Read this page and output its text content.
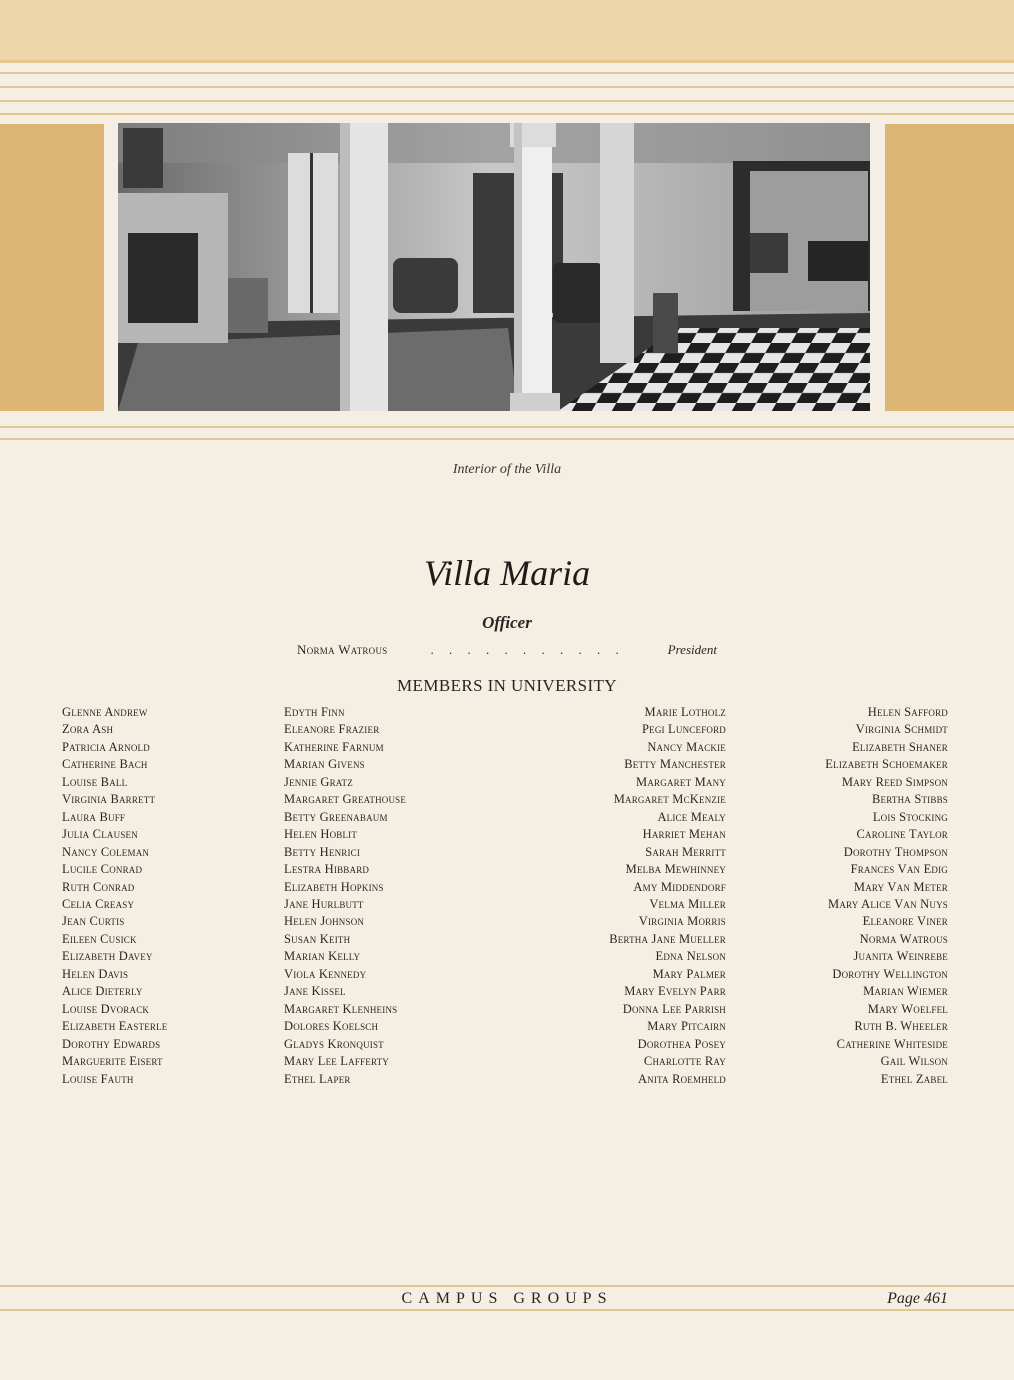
Interior of the Villa
Villa Maria
Officer
Norma Watrous	. . . . . . . . . . .	President
MEMBERS IN UNIVERSITY
Glenne Andrew
Zora Ash
Patricia Arnold
Catherine Bach
Louise Ball
Virginia Barrett
Laura Buff
Julia Clausen
Nancy Coleman
Lucile Conrad
Ruth Conrad
Celia Creasy
Jean Curtis
Eileen Cusick
Elizabeth Davey
Helen Davis
Alice Dieterly
Louise Dvorack
Elizabeth Easterle
Dorothy Edwards
Marguerite Eisert
Louise Fauth
Edyth Finn
Eleanore Frazier
Katherine Farnum
Marian Givens
Jennie Gratz
Margaret Greathouse
Betty Greenabaum
Helen Hoblit
Betty Henrici
Lestra Hibbard
Elizabeth Hopkins
Jane Hurlbutt
Helen Johnson
Susan Keith
Marian Kelly
Viola Kennedy
Jane Kissel
Margaret Klenheins
Dolores Koelsch
Gladys Kronquist
Mary Lee Lafferty
Ethel Laper
Marie Lotholz
Pegi Lunceford
Nancy Mackie
Betty Manchester
Margaret Many
Margaret McKenzie
Alice Mealy
Harriet Mehan
Sarah Merritt
Melba Mewhinney
Amy Middendorf
Velma Miller
Virginia Morris
Bertha Jane Mueller
Edna Nelson
Mary Palmer
Mary Evelyn Parr
Donna Lee Parrish
Mary Pitcairn
Dorothea Posey
Charlotte Ray
Anita Roemheld
Helen Safford
Virginia Schmidt
Elizabeth Shaner
Elizabeth Schoemaker
Mary Reed Simpson
Bertha Stibbs
Lois Stocking
Caroline Taylor
Dorothy Thompson
Frances Van Edig
Mary Van Meter
Mary Alice Van Nuys
Eleanore Viner
Norma Watrous
Juanita Weinrebe
Dorothy Wellington
Marian Wiemer
Mary Woelfel
Ruth B. Wheeler
Catherine Whiteside
Gail Wilson
Ethel Zabel
CAMPUS GROUPS	Page 461
